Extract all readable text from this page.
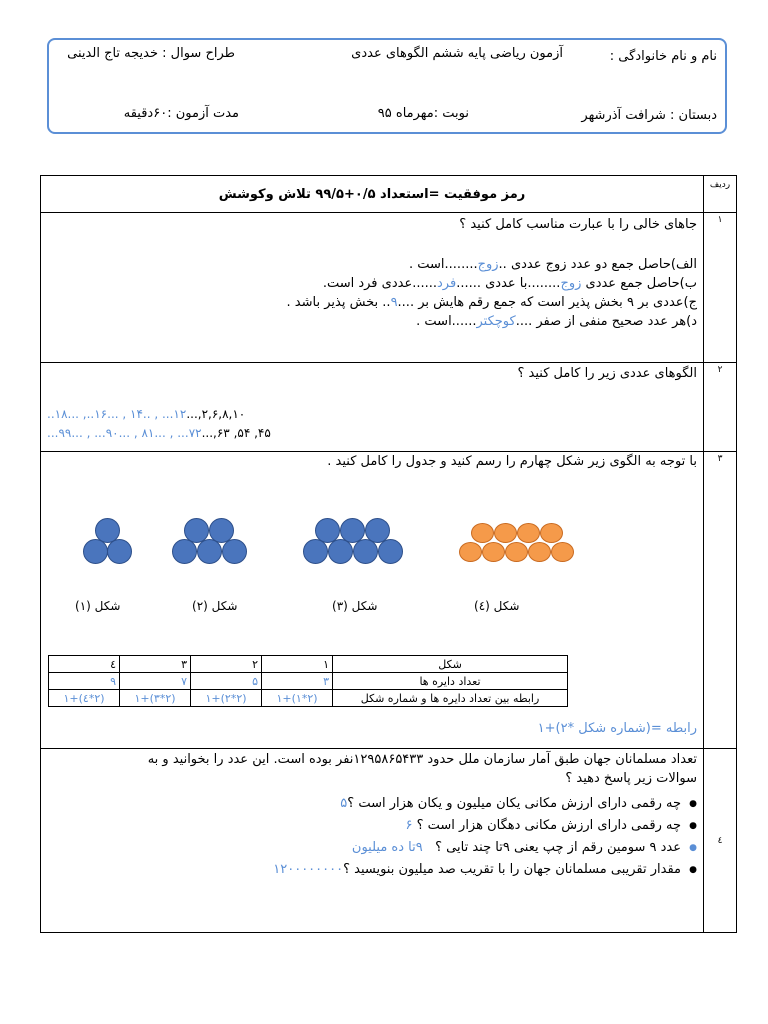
نام و نام خانوادگی :
آزمون ریاضی پایه ششم الگوهای عددی
طراح سوال : خدیجه تاج الدینی
دبستان : شرافت آذرشهر
نوبت :مهرماه ۹۵
مدت آزمون :۶۰دقیقه
ردیف	رمز موفقیت =استعداد ۰/۵+۹۹/۵ تلاش وکوشش
۱	
جاهای خالی را با عبارت مناسب کامل کنید ؟
الف)حاصل جمع دو عدد زوج عددی ..زوج........است .
ب)حاصل جمع عددی زوج........با عددی ......فرد......عددی فرد است.
ج)عددی بر ۹ بخش پذیر است که جمع رقم هایش بر ....۹.. بخش پذیر باشد .
د)هر عدد صحیح منفی از صفر ....کوچکتر......است .

۲	
الگوهای عددی زیر را کامل کنید ؟
۲,۶,۸,۱۰,...۱۲... , ..۱۴ , ...۱۶.., ...۱۸..
۴۵, ۵۴, ۶۳,...۷۲... , ...۸۱ , ...۹۰... , ...۹۹...

۳	
با توجه به الگوی زیر شکل چهارم را رسم کنید و جدول را کامل کنید .
شکل (۱)	شکل (۲)	شکل (۳)	شکل (٤)
شکل	۱	۲	۳	٤
تعداد دایره ها	۳	۵	۷	۹
رابطه بین تعداد دایره ها و شماره شکل	(۲*۱)+۱	(۲*۲)+۱	(۲*۳)+۱	(۲*٤)+۱
رابطه =(شماره شکل *۲)+۱

٤	
تعداد مسلمانان جهان طبق آمار سازمان ملل حدود ۱۲۹۵۸۶۵۴۳۳نفر بوده است. این عدد را بخوانید و به
سوالات زیر پاسخ دهید ؟
● چه رقمی دارای ارزش مکانی یکان میلیون و یکان هزار است ؟۵
● چه رقمی دارای ارزش مکانی دهگان هزار است ؟ ۶
● عدد ۹ سومین رقم از چپ یعنی ۹تا چند تایی ؟   ۹تا ده میلیون
● مقدار تقریبی مسلمانان جهان را با تقریب صد میلیون بنویسید ؟۱۲۰۰۰۰۰۰۰۰
